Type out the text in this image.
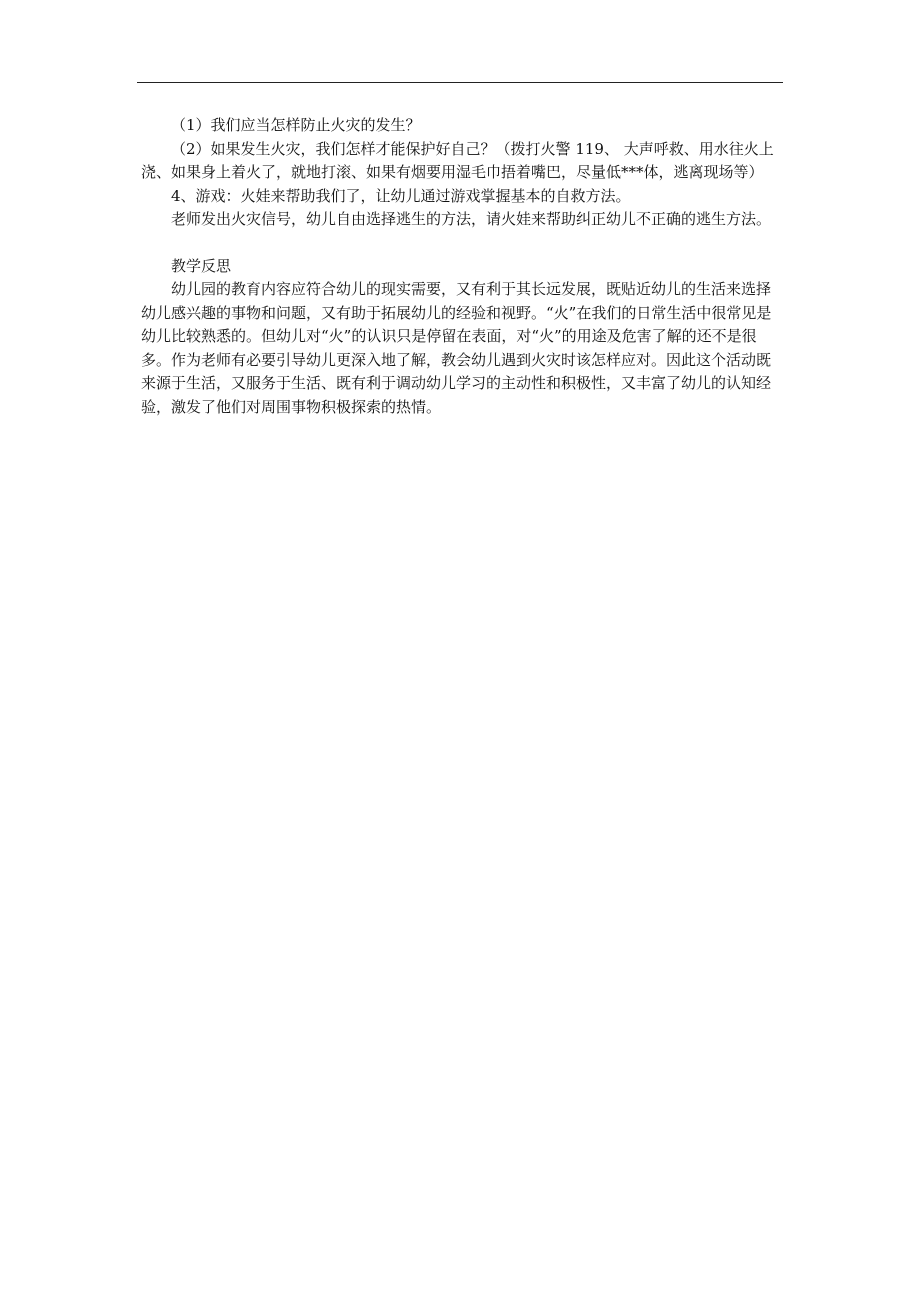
（1）我们应当怎样防止火灾的发生？

（2）如果发生火灾，我们怎样才能保护好自己？（拨打火警 119、 大声呼救、用水往火上浇、如果身上着火了，就地打滚、如果有烟要用湿毛巾捂着嘴巴，尽量低***体，逃离现场等）

4、游戏：火娃来帮助我们了，让幼儿通过游戏掌握基本的自救方法。

老师发出火灾信号，幼儿自由选择逃生的方法，请火娃来帮助纠正幼儿不正确的逃生方法。

教学反思

幼儿园的教育内容应符合幼儿的现实需要，又有利于其长远发展，既贴近幼儿的生活来选择幼儿感兴趣的事物和问题，又有助于拓展幼儿的经验和视野。“火”在我们的日常生活中很常见是幼儿比较熟悉的。但幼儿对“火”的认识只是停留在表面，对“火”的用途及危害了解的还不是很多。作为老师有必要引导幼儿更深入地了解，教会幼儿遇到火灾时该怎样应对。因此这个活动既来源于生活，又服务于生活、既有利于调动幼儿学习的主动性和积极性，又丰富了幼儿的认知经验，激发了他们对周围事物积极探索的热情。
